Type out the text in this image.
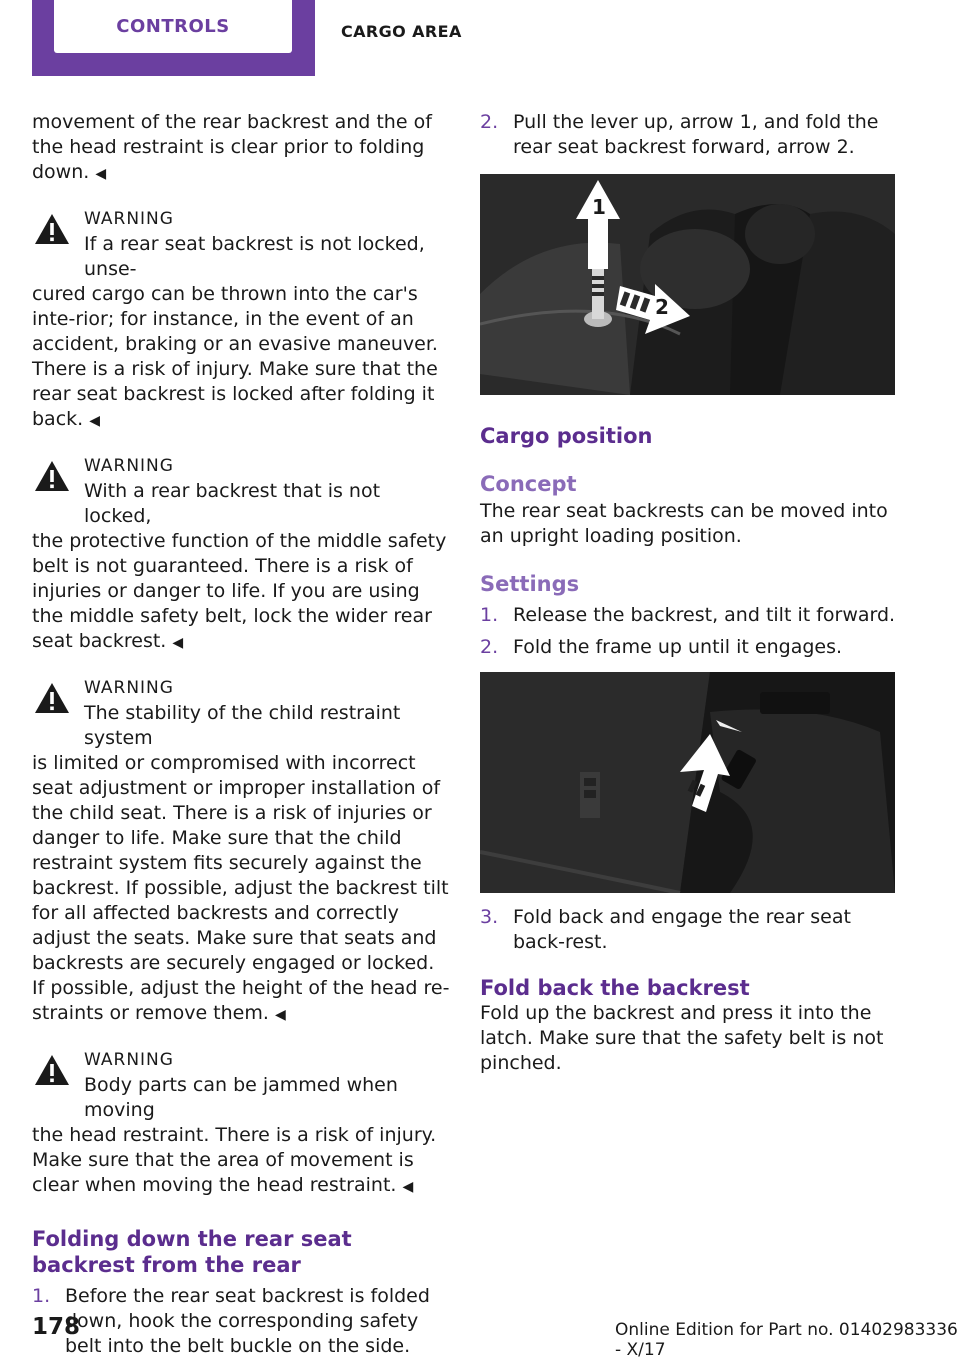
CONTROLS	CARGO AREA

movement of the rear backrest and the of the head restraint is clear prior to folding down. ◀

WARNING
If a rear seat backrest is not locked, unse-

cured cargo can be thrown into the car's inte-rior; for instance, in the event of an accident, braking or an evasive maneuver. There is a risk of injury. Make sure that the rear seat backrest is locked after folding it back. ◀

WARNING
With a rear backrest that is not locked,

the protective function of the middle safety belt is not guaranteed. There is a risk of injuries or danger to life. If you are using the middle safety belt, lock the wider rear seat backrest. ◀

WARNING
The stability of the child restraint system

is limited or compromised with incorrect seat adjustment or improper installation of the child seat. There is a risk of injuries or danger to life. Make sure that the child restraint system fits securely against the backrest. If possible, adjust the backrest tilt for all affected backrests and correctly adjust the seats. Make sure that seats and backrests are securely engaged or locked. If possible, adjust the height of the head re-straints or remove them. ◀

WARNING
Body parts can be jammed when moving

the head restraint. There is a risk of injury. Make sure that the area of movement is clear when moving the head restraint. ◀

Folding down the rear seat backrest from the rear
1. Before the rear seat backrest is folded down, hook the corresponding safety belt into the belt buckle on the side.
2. Pull the lever up, arrow 1, and fold the rear seat backrest forward, arrow 2.
1
2
Cargo position
Concept

The rear seat backrests can be moved into an upright loading position.

Settings
1. Release the backrest, and tilt it forward.
2. Fold the frame up until it engages.
3. Fold back and engage the rear seat back-rest.
Fold back the backrest

Fold up the backrest and press it into the latch. Make sure that the safety belt is not pinched.

178	Online Edition for Part no. 01402983336 - X/17
